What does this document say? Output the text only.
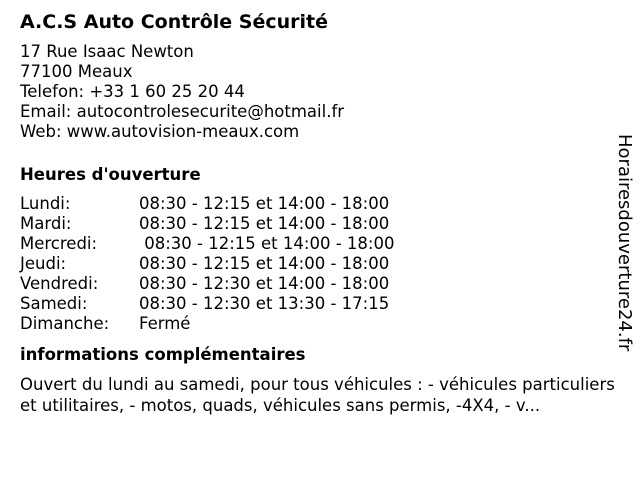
A.C.S Auto Contrôle Sécurité
17 Rue Isaac Newton
77100 Meaux
Telefon: +33 1 60 25 20 44
Email: autocontrolesecurite@hotmail.fr
Web: www.autovision-meaux.com
Heures d'ouverture
Lundi:	08:30 - 12:15 et 14:00 - 18:00
Mardi:	08:30 - 12:15 et 14:00 - 18:00
Mercredi:	08:30 - 12:15 et 14:00 - 18:00
Jeudi:	08:30 - 12:15 et 14:00 - 18:00
Vendredi:	08:30 - 12:30 et 14:00 - 18:00
Samedi:	08:30 - 12:30 et 13:30 - 17:15
Dimanche:	Fermé
informations complémentaires
Ouvert du lundi au samedi, pour tous véhicules : - véhicules particuliers et utilitaires, - motos, quads, véhicules sans permis, -4X4, - v...
Horairesdouverture24.fr
